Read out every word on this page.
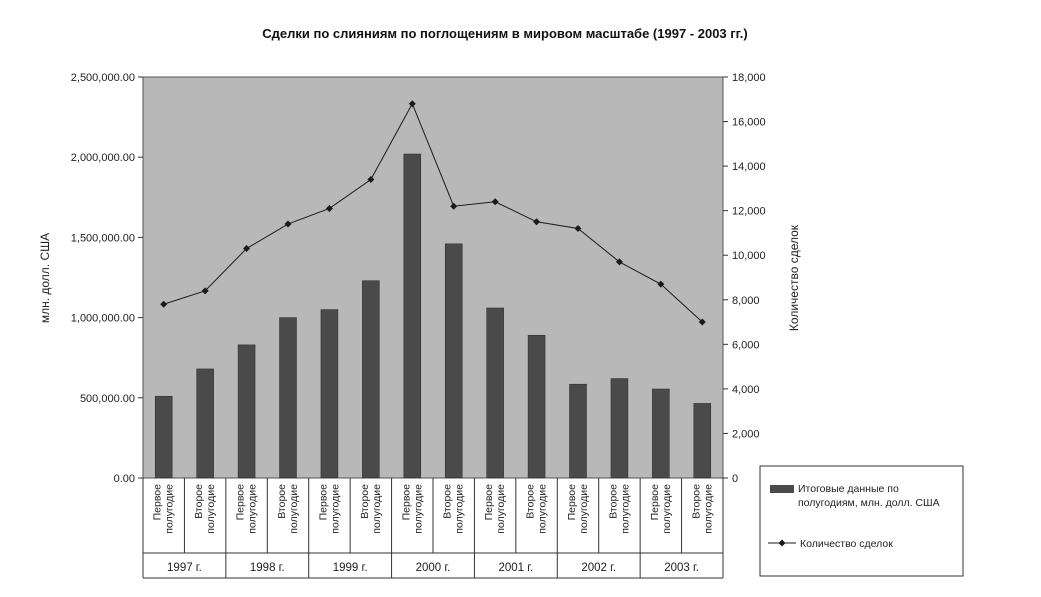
Сделки по слияниям по поглощениям в мировом масштабе (1997 - 2003 гг.)
0.00
500,000.00
1,000,000.00
1,500,000.00
2,000,000.00
2,500,000.00
0
2,000
4,000
6,000
8,000
10,000
12,000
14,000
16,000
18,000
Первоеполугодие Второеполугодие Первоеполугодие Второеполугодие Первоеполугодие Второеполугодие Первоеполугодие Второеполугодие Первоеполугодие Второеполугодие Первоеполугодие Второеполугодие Первоеполугодие Второеполугодие
1997 г.	1998 г.	1999 г.	2000 г.	2001 г.	2002 г.	2003 г.
млн. долл. США	Количество сделок
Итоговые данные по полугодиям, млн. долл. США
Количество сделок
